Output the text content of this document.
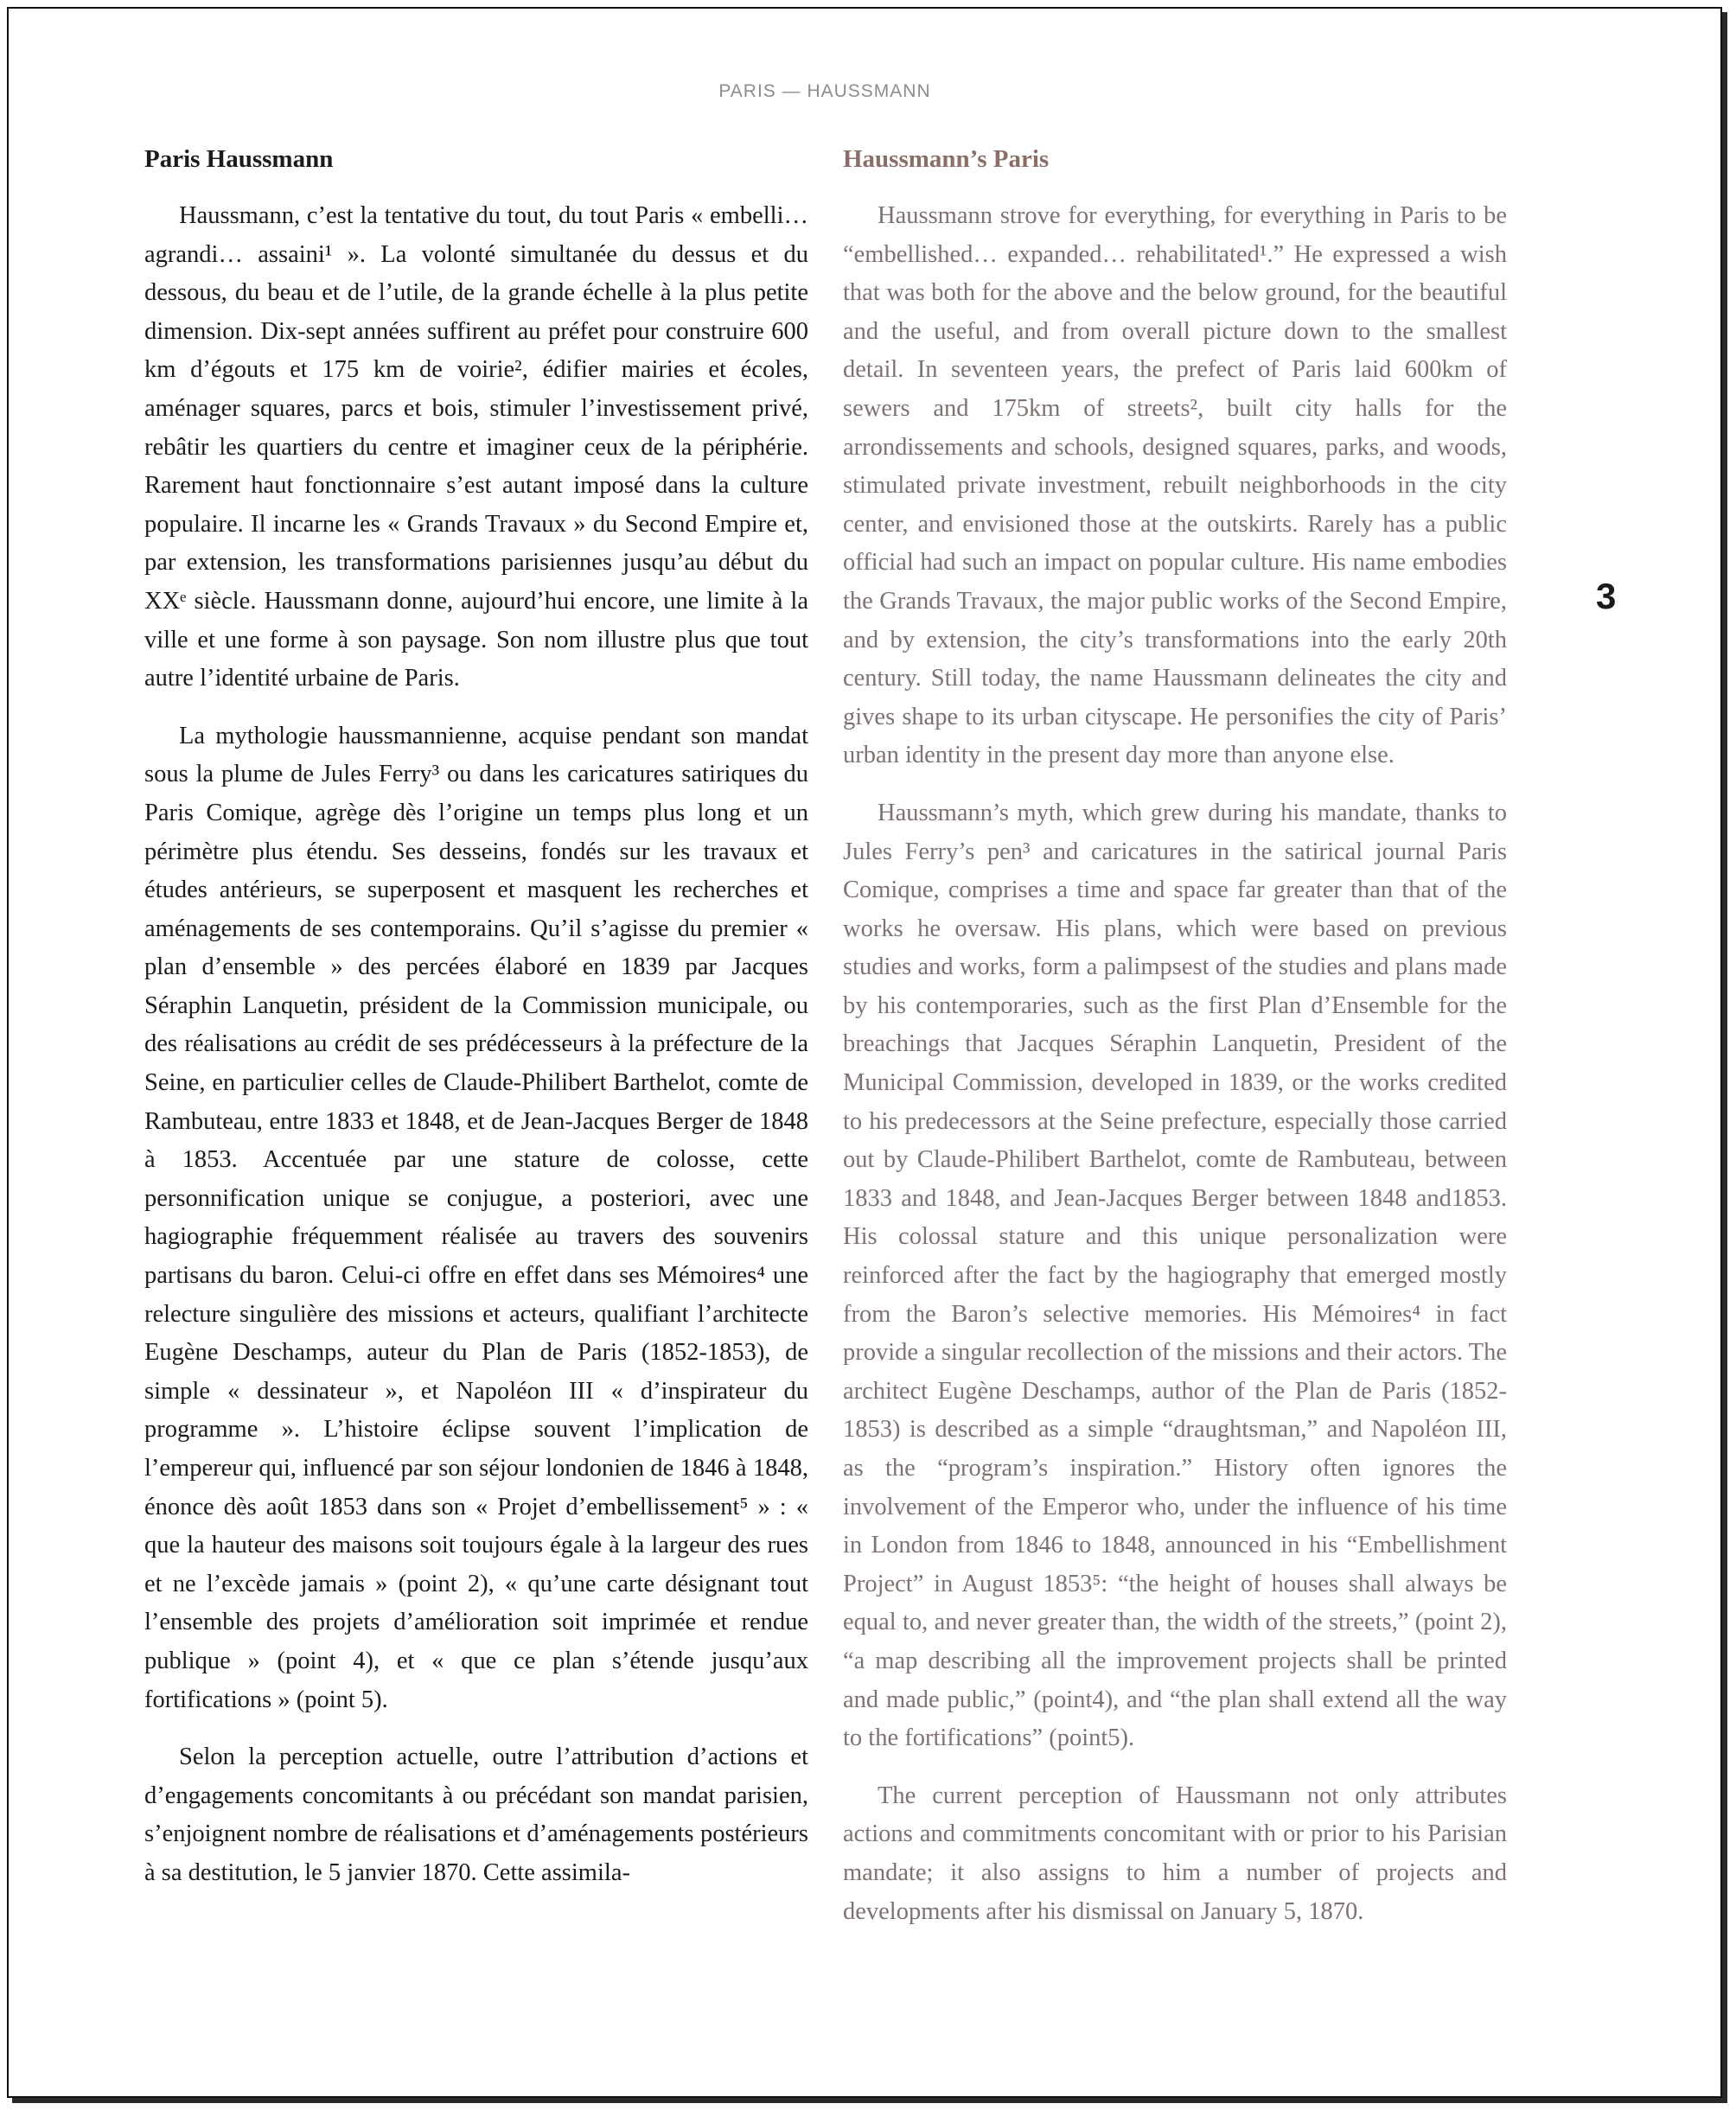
PARIS — HAUSSMANN
Paris Haussmann

Haussmann, c’est la tentative du tout, du tout Paris « embelli… agrandi… assaini¹ ». La volonté simultanée du dessus et du dessous, du beau et de l’utile, de la grande échelle à la plus petite dimension. Dix-sept années suffirent au préfet pour construire 600 km d’égouts et 175 km de voirie², édifier mairies et écoles, aménager squares, parcs et bois, stimuler l’investissement privé, rebâtir les quartiers du centre et imaginer ceux de la périphérie. Rarement haut fonctionnaire s’est autant imposé dans la culture populaire. Il incarne les « Grands Travaux » du Second Empire et, par extension, les transformations parisiennes jusqu’au début du XXᵉ siècle. Haussmann donne, aujourd’hui encore, une limite à la ville et une forme à son paysage. Son nom illustre plus que tout autre l’identité urbaine de Paris.

La mythologie haussmannienne, acquise pendant son mandat sous la plume de Jules Ferry³ ou dans les caricatures satiriques du Paris Comique, agrège dès l’origine un temps plus long et un périmètre plus étendu. Ses desseins, fondés sur les travaux et études antérieurs, se superposent et masquent les recherches et aménagements de ses contemporains. Qu’il s’agisse du premier « plan d’ensemble » des percées élaboré en 1839 par Jacques Séraphin Lanquetin, président de la Commission municipale, ou des réalisations au crédit de ses prédécesseurs à la préfecture de la Seine, en particulier celles de Claude-Philibert Barthelot, comte de Rambuteau, entre 1833 et 1848, et de Jean-Jacques Berger de 1848 à 1853. Accentuée par une stature de colosse, cette personnification unique se conjugue, a posteriori, avec une hagiographie fréquemment réalisée au travers des souvenirs partisans du baron. Celui-ci offre en effet dans ses Mémoires⁴ une relecture singulière des missions et acteurs, qualifiant l’architecte Eugène Deschamps, auteur du Plan de Paris (1852-1853), de simple « dessinateur », et Napoléon III « d’inspirateur du programme ». L’histoire éclipse souvent l’implication de l’empereur qui, influencé par son séjour londonien de 1846 à 1848, énonce dès août 1853 dans son « Projet d’embellissement⁵ » : « que la hauteur des maisons soit toujours égale à la largeur des rues et ne l’excède jamais » (point 2), « qu’une carte désignant tout l’ensemble des projets d’amélioration soit imprimée et rendue publique » (point 4), et « que ce plan s’étende jusqu’aux fortifications » (point 5).

Selon la perception actuelle, outre l’attribution d’actions et d’engagements concomitants à ou précédant son mandat parisien, s’enjoignent nombre de réalisations et d’aménagements postérieurs à sa destitution, le 5 janvier 1870. Cette assimila-

Haussmann’s Paris

Haussmann strove for everything, for everything in Paris to be “embellished… expanded… rehabilitated¹.” He expressed a wish that was both for the above and the below ground, for the beautiful and the useful, and from overall picture down to the smallest detail. In seventeen years, the prefect of Paris laid 600km of sewers and 175km of streets², built city halls for the arrondissements and schools, designed squares, parks, and woods, stimulated private investment, rebuilt neighborhoods in the city center, and envisioned those at the outskirts. Rarely has a public official had such an impact on popular culture. His name embodies the Grands Travaux, the major public works of the Second Empire, and by extension, the city’s transformations into the early 20th century. Still today, the name Haussmann delineates the city and gives shape to its urban cityscape. He personifies the city of Paris’ urban identity in the present day more than anyone else.

Haussmann’s myth, which grew during his mandate, thanks to Jules Ferry’s pen³ and caricatures in the satirical journal Paris Comique, comprises a time and space far greater than that of the works he oversaw. His plans, which were based on previous studies and works, form a palimpsest of the studies and plans made by his contemporaries, such as the first Plan d’Ensemble for the breachings that Jacques Séraphin Lanquetin, President of the Municipal Commission, developed in 1839, or the works credited to his predecessors at the Seine prefecture, especially those carried out by Claude-Philibert Barthelot, comte de Rambuteau, between 1833 and 1848, and Jean-Jacques Berger between 1848 and1853. His colossal stature and this unique personalization were reinforced after the fact by the hagiography that emerged mostly from the Baron’s selective memories. His Mémoires⁴ in fact provide a singular recollection of the missions and their actors. The architect Eugène Deschamps, author of the Plan de Paris (1852-1853) is described as a simple “draughtsman,” and Napoléon III, as the “program’s inspiration.” History often ignores the involvement of the Emperor who, under the influence of his time in London from 1846 to 1848, announced in his “Embellishment Project” in August 1853⁵: “the height of houses shall always be equal to, and never greater than, the width of the streets,” (point 2), “a map describing all the improvement projects shall be printed and made public,” (point4), and “the plan shall extend all the way to the fortifications” (point5).

The current perception of Haussmann not only attributes actions and commitments concomitant with or prior to his Parisian mandate; it also assigns to him a number of projects and developments after his dismissal on January 5, 1870.

3
